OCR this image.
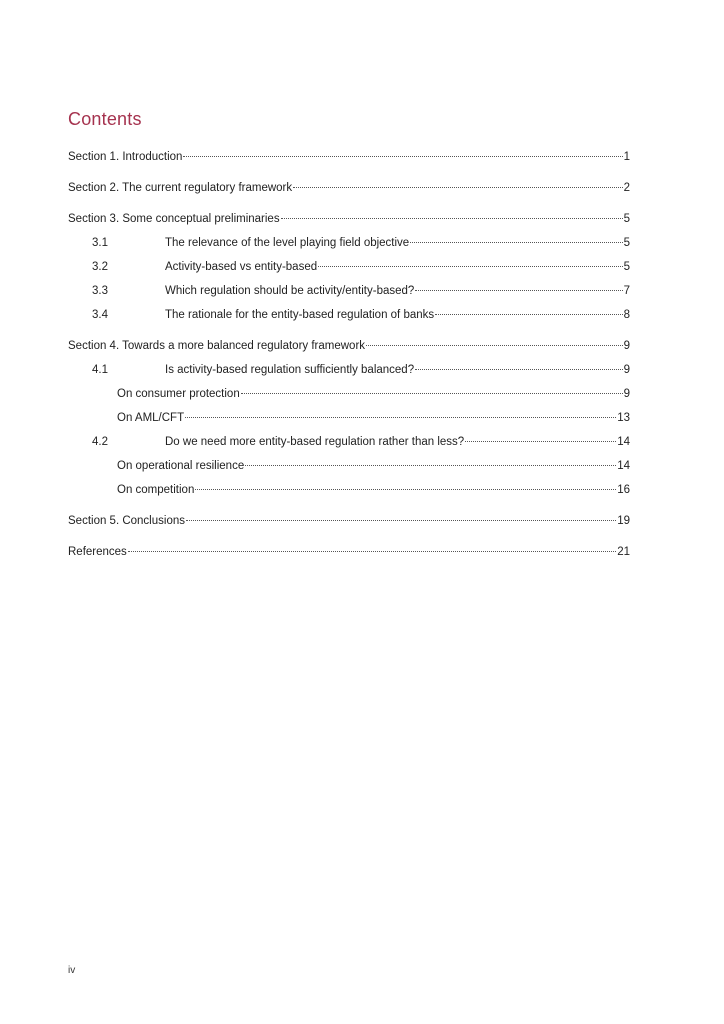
Contents
Section 1. Introduction	1
Section 2. The current regulatory framework	2
Section 3. Some conceptual preliminaries	5
3.1	The relevance of the level playing field objective	5
3.2	Activity-based vs entity-based	5
3.3	Which regulation should be activity/entity-based?	7
3.4	The rationale for the entity-based regulation of banks	8
Section 4. Towards a more balanced regulatory framework	9
4.1	Is activity-based regulation sufficiently balanced?	9
On consumer protection	9
On AML/CFT	13
4.2	Do we need more entity-based regulation rather than less?	14
On operational resilience	14
On competition	16
Section 5. Conclusions	19
References	21
iv
